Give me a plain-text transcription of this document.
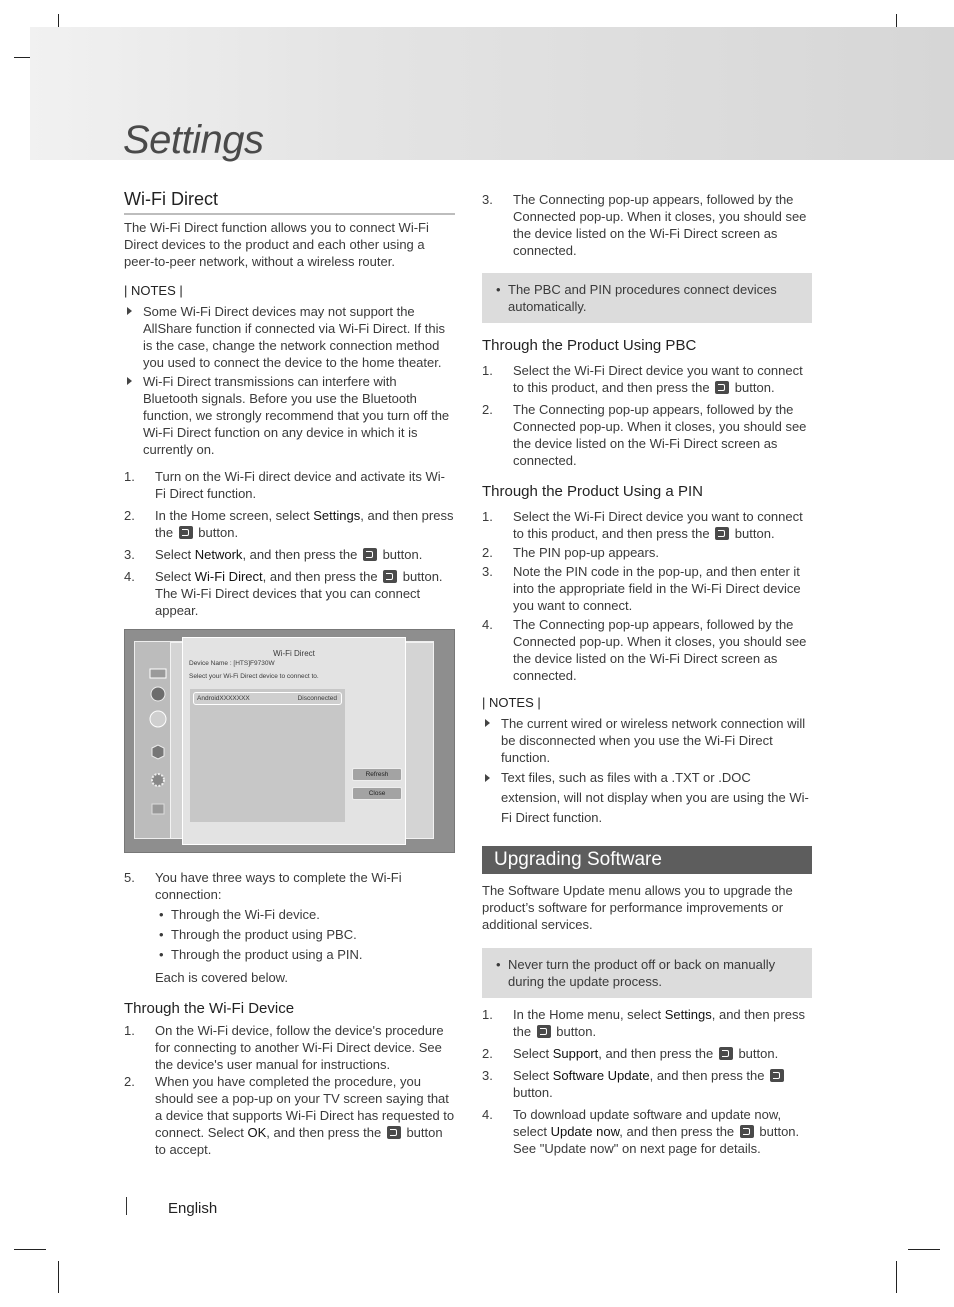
Settings
Wi-Fi Direct

The Wi-Fi Direct function allows you to connect Wi-Fi Direct devices to the product and each other using a peer-to-peer network, without a wireless router.

| NOTES |
Some Wi-Fi Direct devices may not support the AllShare function if connected via Wi-Fi Direct. If this is the case, change the network connection method you used to connect the device to the home theater.
Wi-Fi Direct transmissions can interfere with Bluetooth signals. Before you use the Bluetooth function, we strongly recommend that you turn off the Wi-Fi Direct function on any device in which it is currently on.
1. Turn on the Wi-Fi direct device and activate its Wi-Fi Direct function.
2. In the Home screen, select Settings, and then press the  button.
3. Select Network, and then press the  button.
4. Select Wi-Fi Direct, and then press the  button. The Wi-Fi Direct devices that you can connect appear.
Wi-Fi Direct
Device Name : [HTS]F9730W
Select your Wi-Fi Direct device to connect to.
AndroidXXXXXXX	Disconnected
Refresh
Close
5. You have three ways to complete the Wi-Fi connection:
• Through the Wi-Fi device.
• Through the product using PBC.
• Through the product using a PIN.

Each is covered below.

Through the Wi-Fi Device
1. On the Wi-Fi device, follow the device's procedure for connecting to another Wi-Fi Direct device. See the device's user manual for instructions.
2. When you have completed the procedure, you should see a pop-up on your TV screen saying that a device that supports Wi-Fi Direct has requested to connect. Select OK, and then press the  button to accept.
3. The Connecting pop-up appears, followed by the Connected pop-up. When it closes, you should see the device listed on the Wi-Fi Direct screen as connected.
• The PBC and PIN procedures connect devices automatically.
Through the Product Using PBC
1. Select the Wi-Fi Direct device you want to connect to this product, and then press the  button.
2. The Connecting pop-up appears, followed by the Connected pop-up. When it closes, you should see the device listed on the Wi-Fi Direct screen as connected.
Through the Product Using a PIN
1. Select the Wi-Fi Direct device you want to connect to this product, and then press the  button.
2. The PIN pop-up appears.
3. Note the PIN code in the pop-up, and then enter it into the appropriate field in the Wi-Fi Direct device you want to connect.
4. The Connecting pop-up appears, followed by the Connected pop-up. When it closes, you should see the device listed on the Wi-Fi Direct screen as connected.
| NOTES |
The current wired or wireless network connection will be disconnected when you use the Wi-Fi Direct function.
Text files, such as files with a .TXT or .DOC extension, will not display when you are using the Wi-Fi Direct function.
Upgrading Software

The Software Update menu allows you to upgrade the product’s software for performance improvements or additional services.

• Never turn the product off or back on manually during the update process.
1. In the Home menu, select Settings, and then press the  button.
2. Select Support, and then press the  button.
3. Select Software Update, and then press the  button.
4. To download update software and update now, select Update now, and then press the  button. See "Update now" on next page for details.
English
